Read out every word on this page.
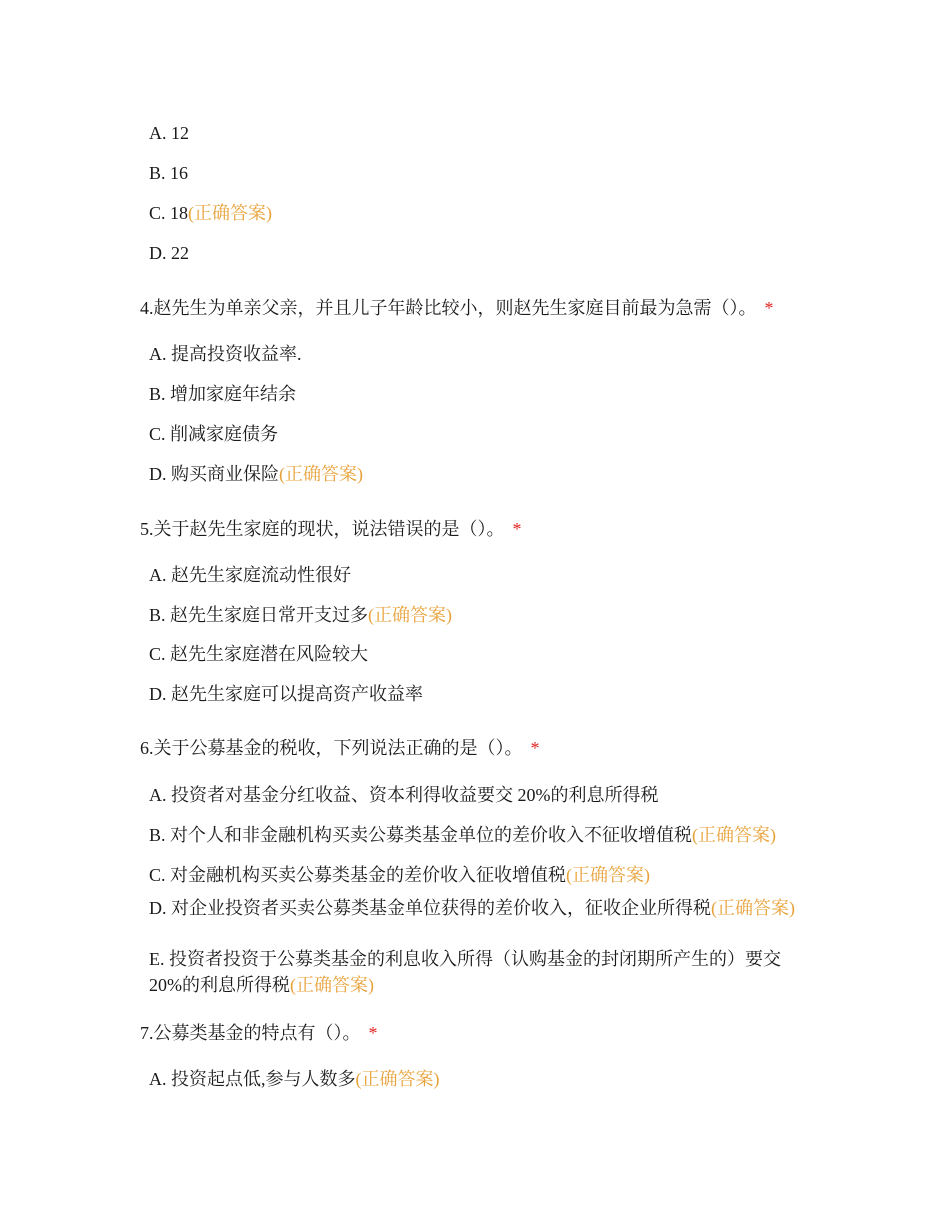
A. 12
B. 16
C. 18(正确答案)
D. 22
4.赵先生为单亲父亲，并且儿子年龄比较小，则赵先生家庭目前最为急需（）。 *
A. 提高投资收益率.
B. 增加家庭年结余
C. 削减家庭债务
D. 购买商业保险(正确答案)
5.关于赵先生家庭的现状，说法错误的是（）。 *
A. 赵先生家庭流动性很好
B. 赵先生家庭日常开支过多(正确答案)
C. 赵先生家庭潜在风险较大
D. 赵先生家庭可以提高资产收益率
6.关于公募基金的税收，下列说法正确的是（）。 *
A. 投资者对基金分红收益、资本利得收益要交 20%的利息所得税
B. 对个人和非金融机构买卖公募类基金单位的差价收入不征收增值税(正确答案)
C. 对金融机构买卖公募类基金的差价收入征收增值税(正确答案)
D. 对企业投资者买卖公募类基金单位获得的差价收入，征收企业所得税(正确答案)
E. 投资者投资于公募类基金的利息收入所得（认购基金的封闭期所产生的）要交 20%的利息所得税(正确答案)
7.公募类基金的特点有（）。 *
A. 投资起点低,参与人数多(正确答案)
